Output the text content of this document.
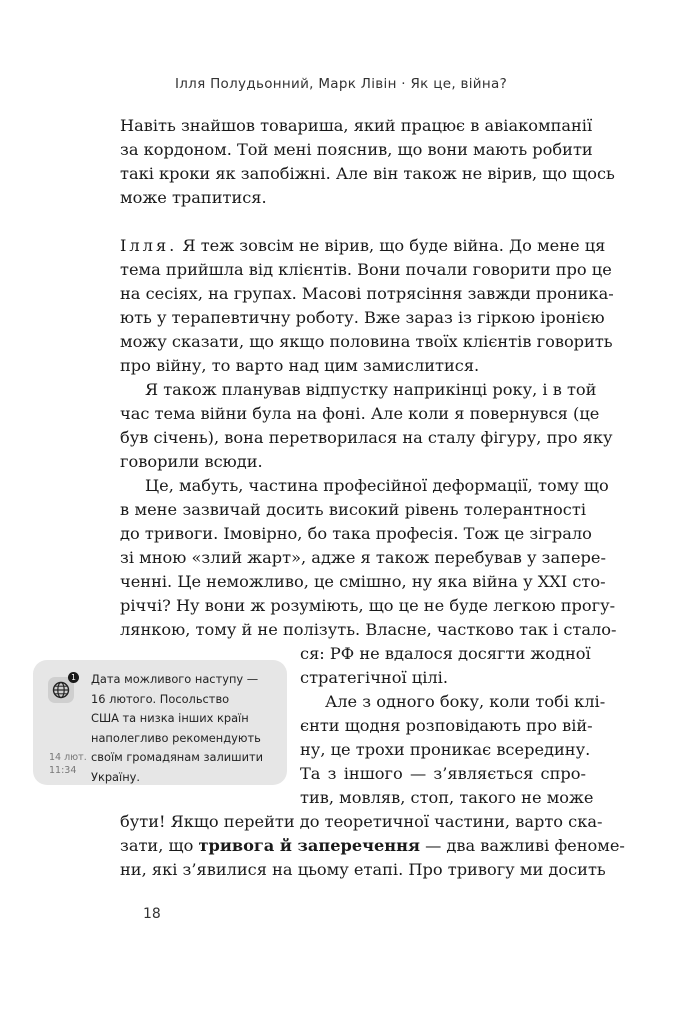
Ілля Полудьонний, Марк Лівін · Як це, війна?
Навіть знайшов товариша, який працює в авіакомпанії
за кордоном. Той мені пояснив, що вони мають робити
такі кроки як запобіжні. Але він також не вірив, що щось
може трапитися.
Ілля. Я теж зовсім не вірив, що буде війна. До мене ця
тема прийшла від клієнтів. Вони почали говорити про це
на сесіях, на групах. Масові потрясіння завжди проника-
ють у терапевтичну роботу. Вже зараз із гіркою іронією
можу сказати, що якщо половина твоїх клієнтів говорить
про війну, то варто над цим замислитися.
Я також планував відпустку наприкінці року, і в той
час тема війни була на фоні. Але коли я повернувся (це
був січень), вона перетворилася на сталу фігуру, про яку
говорили всюди.
Це, мабуть, частина професійної деформації, тому що
в мене зазвичай досить високий рівень толерантності
до тривоги. Імовірно, бо така професія. Тож це зіграло
зі мною «злий жарт», адже я також перебував у запере-
ченні. Це неможливо, це смішно, ну яка війна у XXI сто-
річчі? Ну вони ж розуміють, що це не буде легкою прогу-
лянкою, тому й не полізуть. Власне, частково так і стало-
ся: РФ не вдалося досягти жодної
стратегічної цілі.
Але з одного боку, коли тобі клі-
єнти щодня розповідають про вій-
ну, це трохи проникає всередину.
Та з іншого — з’являється спро-
тив, мовляв, стоп, такого не може
бути! Якщо перейти до теоретичної частини, варто ска-
зати, що тривога й заперечення — два важливі феноме-
ни, які з’явилися на цьому етапі. Про тривогу ми досить
1
14 лют.
11:34
Дата можливого наступу —
16 лютого. Посольство
США та низка інших країн
наполегливо рекомендують
своїм громадянам залишити
Україну.
18
